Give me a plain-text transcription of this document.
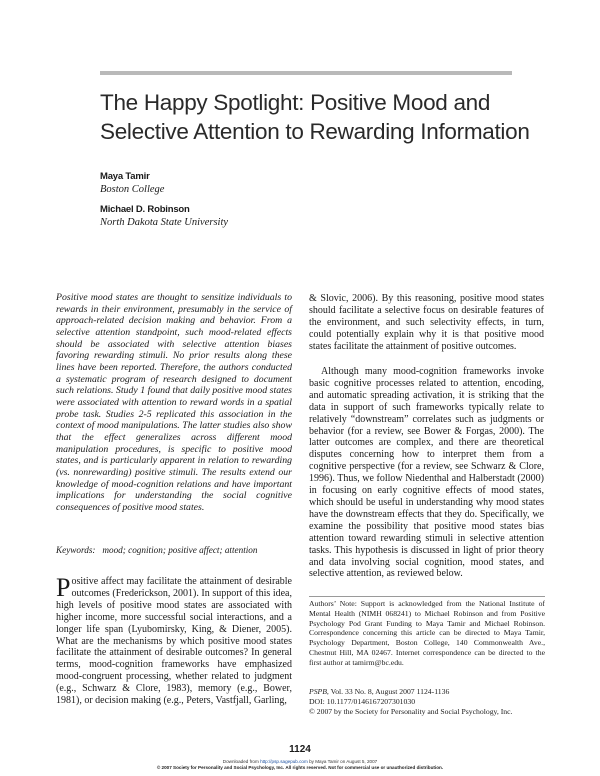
The Happy Spotlight: Positive Mood and
Selective Attention to Rewarding Information
Maya Tamir
Boston College
Michael D. Robinson
North Dakota State University

Positive mood states are thought to sensitize individuals to rewards in their environment, presumably in the service of approach-related decision making and behavior. From a selective attention standpoint, such mood-related effects should be associated with selective attention biases favoring rewarding stimuli. No prior results along these lines have been reported. Therefore, the authors conducted a systematic program of research designed to document such relations. Study 1 found that daily positive mood states were associated with attention to reward words in a spatial probe task. Studies 2-5 replicated this association in the context of mood manipulations. The latter studies also show that the effect generalizes across different mood manipulation procedures, is specific to positive mood states, and is particularly apparent in relation to rewarding (vs. nonrewarding) positive stimuli. The results extend our knowledge of mood-cognition relations and have important implications for understanding the social cognitive consequences of positive mood states.

Keywords: mood; cognition; positive affect; attention

Positive affect may facilitate the attainment of desirable outcomes (Frederickson, 2001). In support of this idea, high levels of positive mood states are associated with higher income, more successful social interactions, and a longer life span (Lyubomirsky, King, & Diener, 2005). What are the mechanisms by which positive mood states facilitate the attainment of desirable outcomes? In general terms, mood-cognition frameworks have emphasized mood-congruent processing, whether related to judgment (e.g., Schwarz & Clore, 1983), memory (e.g., Bower, 1981), or decision making (e.g., Peters, Vastfjall, Garling,

& Slovic, 2006). By this reasoning, positive mood states should facilitate a selective focus on desirable features of the environment, and such selectivity effects, in turn, could potentially explain why it is that positive mood states facilitate the attainment of positive outcomes.

Although many mood-cognition frameworks invoke basic cognitive processes related to attention, encoding, and automatic spreading activation, it is striking that the data in support of such frameworks typically relate to relatively “downstream” correlates such as judgments or behavior (for a review, see Bower & Forgas, 2000). The latter outcomes are complex, and there are theoretical disputes concerning how to interpret them from a cognitive perspective (for a review, see Schwarz & Clore, 1996). Thus, we follow Niedenthal and Halberstadt (2000) in focusing on early cognitive effects of mood states, which should be useful in understanding why mood states have the downstream effects that they do. Specifically, we examine the possibility that positive mood states bias attention toward rewarding stimuli in selective attention tasks. This hypothesis is discussed in light of prior theory and data involving social cognition, mood states, and selective attention, as reviewed below.

Authors’ Note: Support is acknowledged from the National Institute of Mental Health (NIMH 068241) to Michael Robinson and from Positive Psychology Pod Grant Funding to Maya Tamir and Michael Robinson. Correspondence concerning this article can be directed to Maya Tamir, Psychology Department, Boston College, 140 Commonwealth Ave., Chestnut Hill, MA 02467. Internet correspondence can be directed to the first author at tamirm@bc.edu.

PSPB, Vol. 33 No. 8, August 2007 1124-1136
DOI: 10.1177/0146167207301030
© 2007 by the Society for Personality and Social Psychology, Inc.

1124

Downloaded from http://psp.sagepub.com by Maya Tamir on August 5, 2007

© 2007 Society for Personality and Social Psychology, Inc. All rights reserved. Not for commercial use or unauthorized distribution.
